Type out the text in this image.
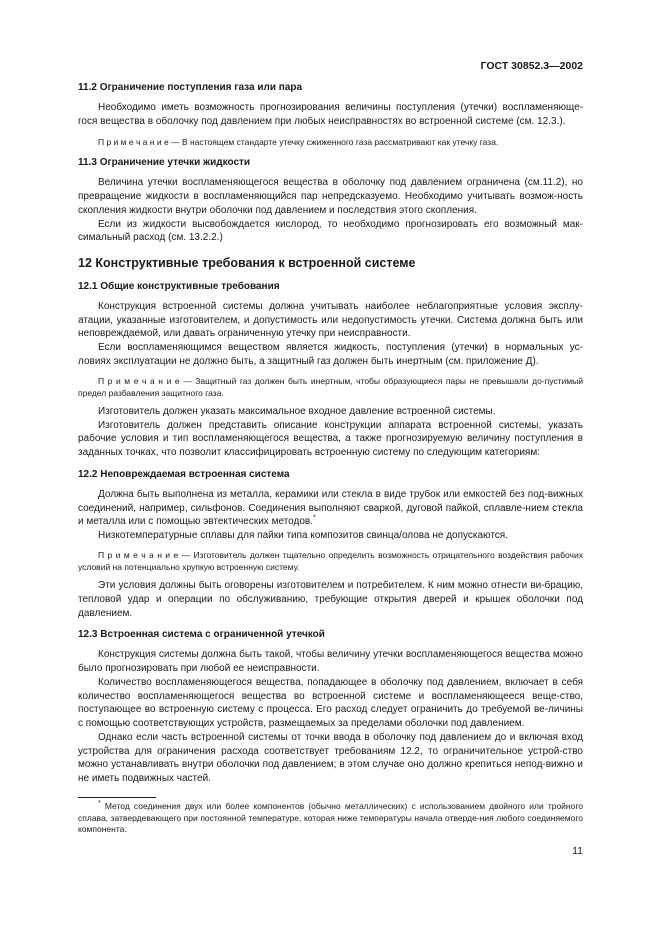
ГОСТ 30852.3—2002

11.2 Ограничение поступления газа или пара

Необходимо иметь возможность прогнозирования величины поступления (утечки) воспламеняюще-гося вещества в оболочку под давлением при любых неисправностях во встроенной системе (см. 12.3.).

П р и м е ч а н и е — В настоящем стандарте утечку сжиженного газа рассматривают как утечку газа.

11.3 Ограничение утечки жидкости

Величина утечки воспламеняющегося вещества в оболочку под давлением ограничена (см.11.2), но превращение жидкости в воспламеняющийся пар непредсказуемо. Необходимо учитывать возмож-ность скопления жидкости внутри оболочки под давлением и последствия этого скопления.

Если из жидкости высвобождается кислород, то необходимо прогнозировать его возможный мак-симальный расход (см. 13.2.2.)

12 Конструктивные требования к встроенной системе

12.1 Общие конструктивные требования

Конструкция встроенной системы должна учитывать наиболее неблагоприятные условия эксплу-атации, указанные изготовителем, и допустимость или недопустимость утечки. Система должна быть или неповреждаемой, или давать ограниченную утечку при неисправности.

Если воспламеняющимся веществом является жидкость, поступления (утечки) в нормальных ус-ловиях эксплуатации не должно быть, а защитный газ должен быть инертным (см. приложение Д).

П р и м е ч а н и е — Защитный газ должен быть инертным, чтобы образующиеся пары не превышали до-пустимый предел разбавления защитного газа.

Изготовитель должен указать максимальное входное давление встроенной системы.

Изготовитель должен представить описание конструкции аппарата встроенной системы, указать рабочие условия и тип воспламеняющегося вещества, а также прогнозируемую величину поступления в заданных точках, что позволит классифицировать встроенную систему по следующим категориям:

12.2 Неповреждаемая встроенная система

Должна быть выполнена из металла, керамики или стекла в виде трубок или емкостей без под-вижных соединений, например, сильфонов. Соединения выполняют сваркой, дуговой пайкой, сплавле-нием стекла и металла или с помощью эвтектических методов.*

Низкотемпературные сплавы для пайки типа композитов свинца/олова не допускаются.

П р и м е ч а н и е — Изготовитель должен тщательно определить возможность отрицательного воздействия рабочих условий на потенциально хрупкую встроенную систему.

Эти условия должны быть оговорены изготовителем и потребителем. К ним можно отнести ви-брацию, тепловой удар и операции по обслуживанию, требующие открытия дверей и крышек оболочки под давлением.

12.3 Встроенная система с ограниченной утечкой

Конструкция системы должна быть такой, чтобы величину утечки воспламеняющегося вещества можно было прогнозировать при любой ее неисправности.

Количество воспламеняющегося вещества, попадающее в оболочку под давлением, включает в себя количество воспламеняющегося вещества во встроенной системе и воспламеняющееся веще-ство, поступающее во встроенную систему с процесса. Его расход следует ограничить до требуемой ве-личины с помощью соответствующих устройств, размещаемых за пределами оболочки под давлением.

Однако если часть встроенной системы от точки ввода в оболочку под давлением до и включая вход устройства для ограничения расхода соответствует требованиям 12.2, то ограничительное устрой-ство можно устанавливать внутри оболочки под давлением; в этом случае оно должно крепиться непод-вижно и не иметь подвижных частей.

* Метод соединения двух или более компонентов (обычно металлических) с использованием двойного или тройного сплава, затвердевающего при постоянной температуре, которая ниже температуры начала отверде-ния любого соединяемого компонента.

11
